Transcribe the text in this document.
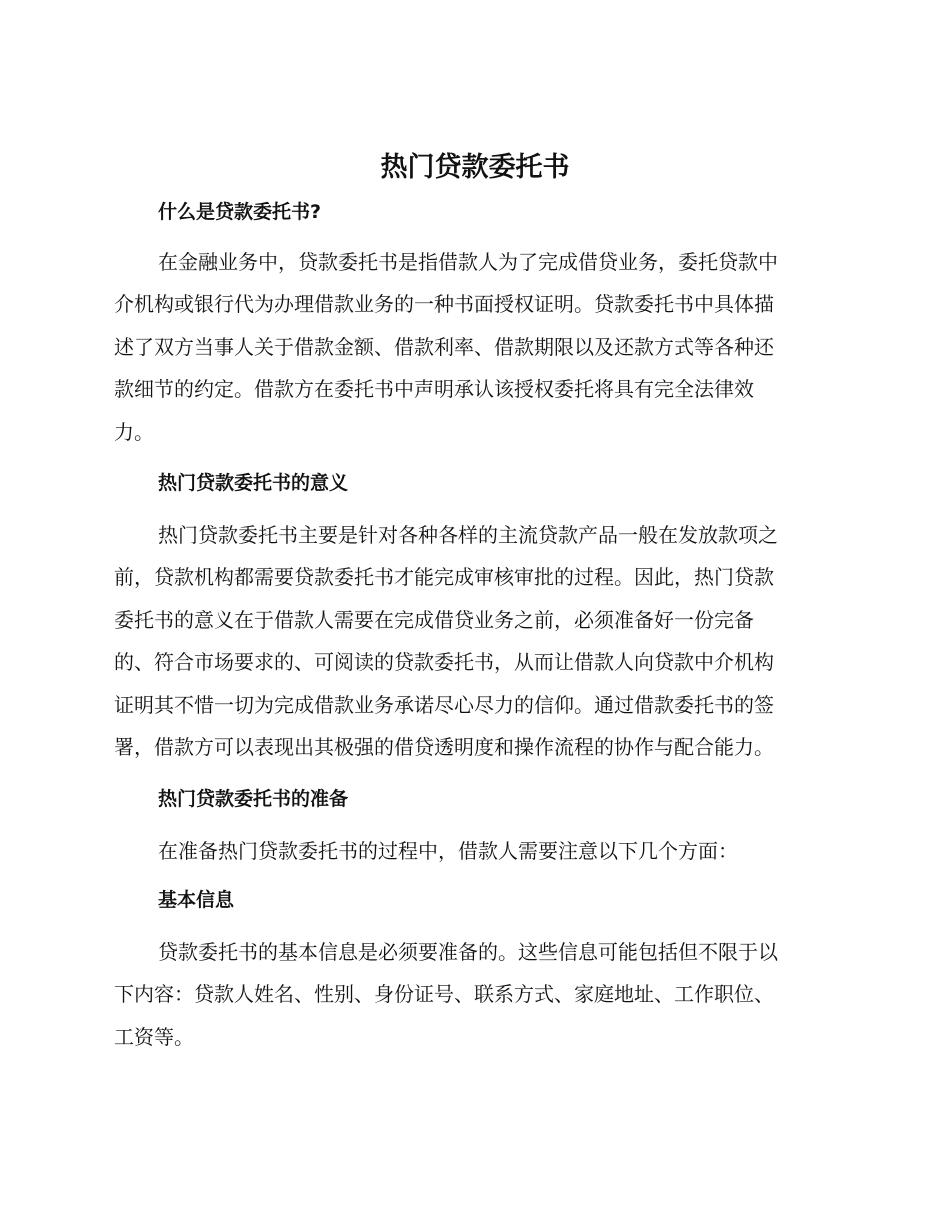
热门贷款委托书
什么是贷款委托书?

在金融业务中，贷款委托书是指借款人为了完成借贷业务，委托贷款中
介机构或银行代为办理借款业务的一种书面授权证明。贷款委托书中具体描
述了双方当事人关于借款金额、借款利率、借款期限以及还款方式等各种还
款细节的约定。借款方在委托书中声明承认该授权委托将具有完全法律效
力。

热门贷款委托书的意义

热门贷款委托书主要是针对各种各样的主流贷款产品一般在发放款项之
前，贷款机构都需要贷款委托书才能完成审核审批的过程。因此，热门贷款
委托书的意义在于借款人需要在完成借贷业务之前，必须准备好一份完备
的、符合市场要求的、可阅读的贷款委托书，从而让借款人向贷款中介机构
证明其不惜一切为完成借款业务承诺尽心尽力的信仰。通过借款委托书的签
署，借款方可以表现出其极强的借贷透明度和操作流程的协作与配合能力。

热门贷款委托书的准备

在准备热门贷款委托书的过程中，借款人需要注意以下几个方面：

基本信息

贷款委托书的基本信息是必须要准备的。这些信息可能包括但不限于以
下内容：贷款人姓名、性别、身份证号、联系方式、家庭地址、工作职位、
工资等。
